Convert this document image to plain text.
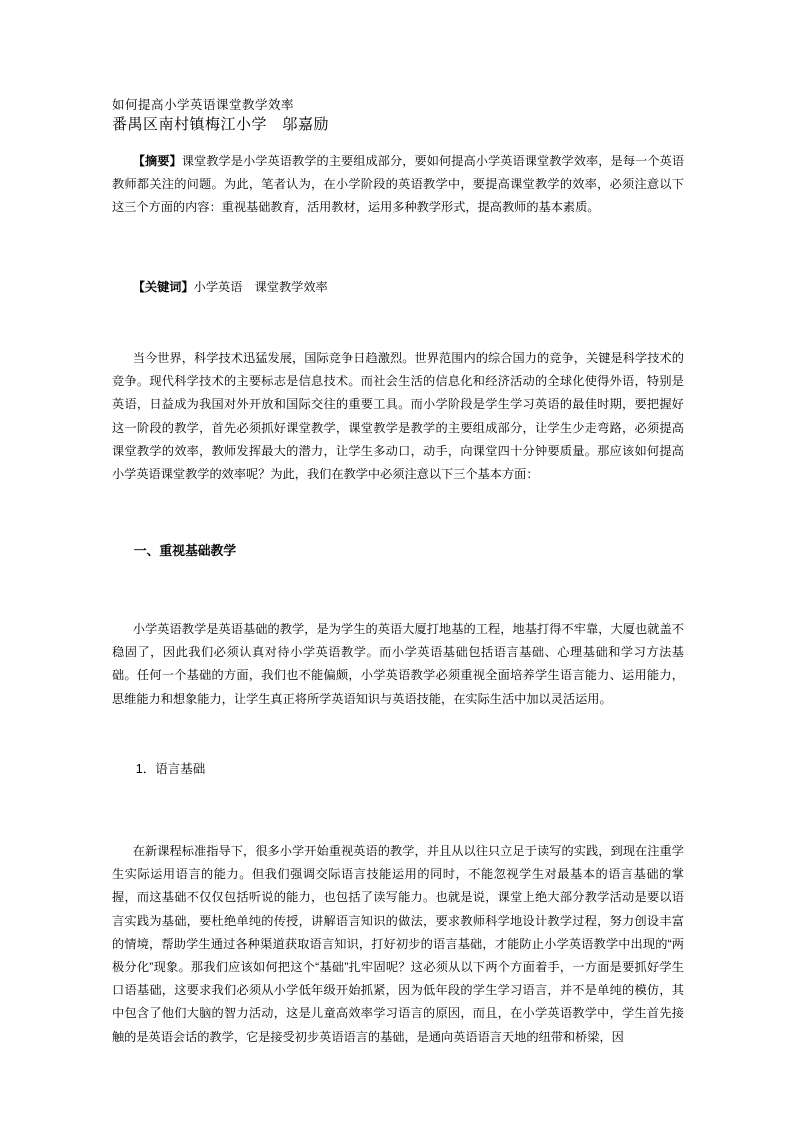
如何提高小学英语课堂教学效率
番禺区南村镇梅江小学　邬嘉励

【摘要】课堂教学是小学英语教学的主要组成部分，要如何提高小学英语课堂教学效率，是每一个英语教师都关注的问题。为此，笔者认为，在小学阶段的英语教学中，要提高课堂教学的效率，必须注意以下这三个方面的内容：重视基础教育，活用教材，运用多种教学形式，提高教师的基本素质。

【关键词】小学英语　课堂教学效率

当今世界，科学技术迅猛发展，国际竞争日趋激烈。世界范围内的综合国力的竞争，关键是科学技术的竞争。现代科学技术的主要标志是信息技术。而社会生活的信息化和经济活动的全球化使得外语，特别是英语，日益成为我国对外开放和国际交往的重要工具。而小学阶段是学生学习英语的最佳时期，要把握好这一阶段的教学，首先必须抓好课堂教学，课堂教学是教学的主要组成部分，让学生少走弯路，必须提高课堂教学的效率，教师发挥最大的潜力，让学生多动口，动手，向课堂四十分钟要质量。那应该如何提高小学英语课堂教学的效率呢？为此，我们在教学中必须注意以下三个基本方面：

一、重视基础教学

小学英语教学是英语基础的教学，是为学生的英语大厦打地基的工程，地基打得不牢靠，大厦也就盖不稳固了，因此我们必须认真对待小学英语教学。而小学英语基础包括语言基础、心理基础和学习方法基础。任何一个基础的方面，我们也不能偏颇，小学英语教学必须重视全面培养学生语言能力、运用能力，思维能力和想象能力，让学生真正将所学英语知识与英语技能，在实际生活中加以灵活运用。

1．语言基础

在新课程标准指导下，很多小学开始重视英语的教学，并且从以往只立足于读写的实践，到现在注重学生实际运用语言的能力。但我们强调交际语言技能运用的同时，不能忽视学生对最基本的语言基础的掌握，而这基础不仅仅包括听说的能力，也包括了读写能力。也就是说，课堂上绝大部分教学活动是要以语言实践为基础，要杜绝单纯的传授，讲解语言知识的做法，要求教师科学地设计教学过程，努力创设丰富的情境，帮助学生通过各种渠道获取语言知识，打好初步的语言基础，才能防止小学英语教学中出现的“两极分化”现象。那我们应该如何把这个“基础”扎牢固呢？这必须从以下两个方面着手，一方面是要抓好学生口语基础，这要求我们必须从小学低年级开始抓紧，因为低年段的学生学习语言，并不是单纯的模仿，其中包含了他们大脑的智力活动，这是儿童高效率学习语言的原因，而且，在小学英语教学中，学生首先接触的是英语会话的教学，它是接受初步英语语言的基础，是通向英语语言天地的纽带和桥梁，因
